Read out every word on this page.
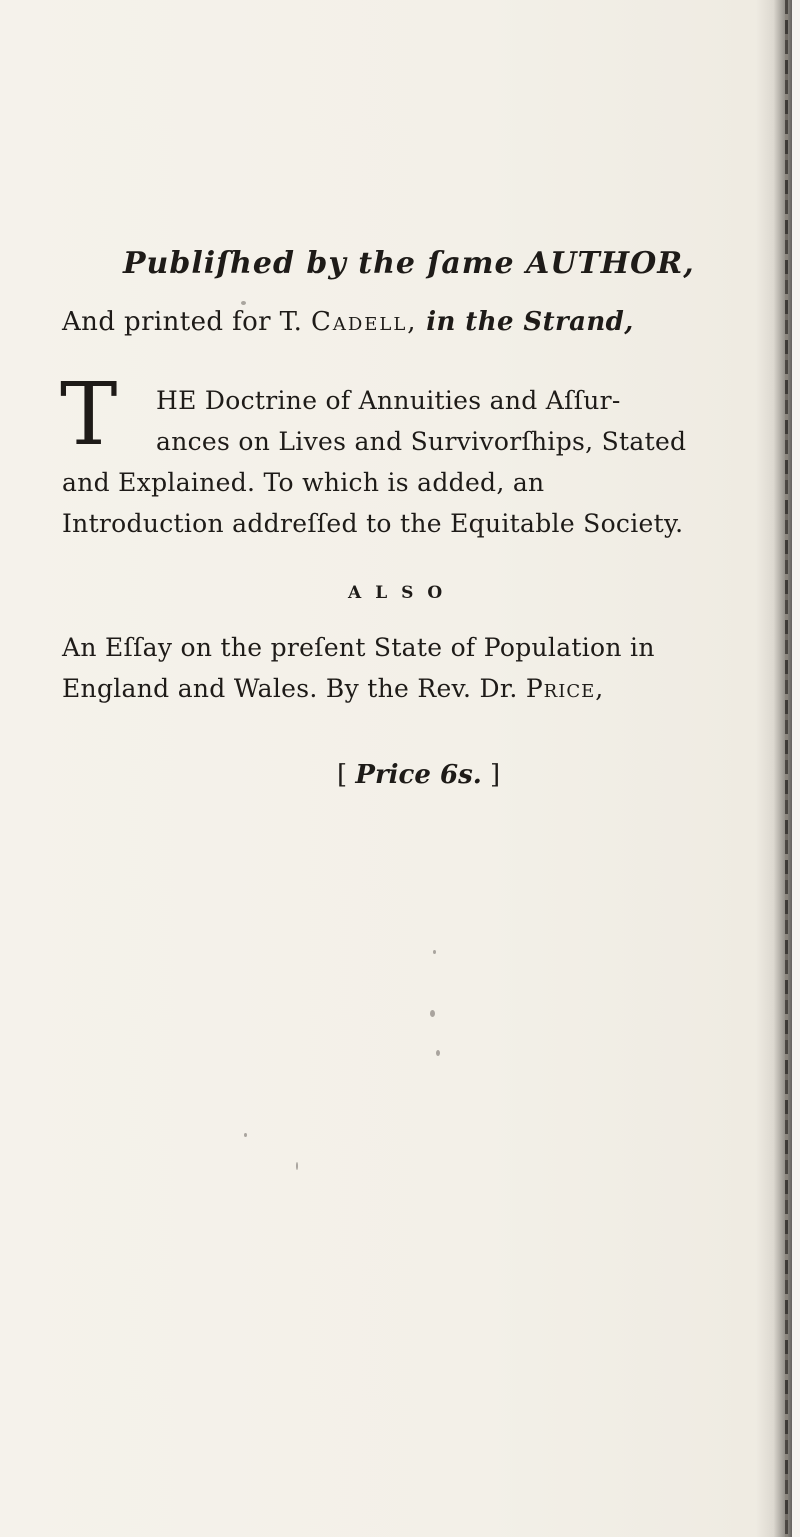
Publiſhed by the ſame AUTHOR,
And printed for T. Cadell, in the Strand,
T HE Doctrine of Annuities and Aſſur-
ances on Lives and Survivorſhips, Stated
and Explained. To which is added, an
Introduction addreſſed to the Equitable Society.
ALSO
An Eſſay on the preſent State of Population in
England and Wales. By the Rev. Dr. Price,
[ Price 6s. ]
